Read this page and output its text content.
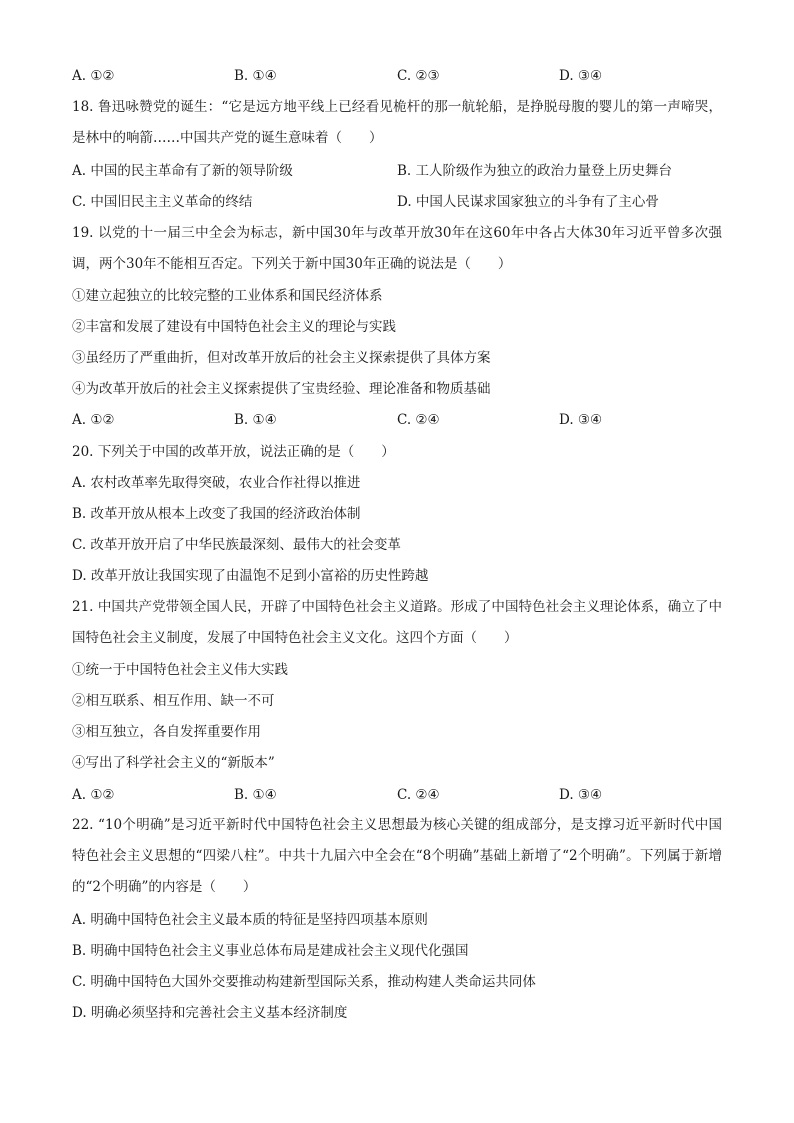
A. ①②	B. ①④	C. ②③	D. ③④
18. 鲁迅咏赞党的诞生：“它是远方地平线上已经看见桅杆的那一航轮船，是挣脱母腹的婴儿的第一声啼哭，是林中的响箭……中国共产党的诞生意味着（　　）
A. 中国的民主革命有了新的领导阶级	B. 工人阶级作为独立的政治力量登上历史舞台
C. 中国旧民主主义革命的终结	D. 中国人民谋求国家独立的斗争有了主心骨
19. 以党的十一届三中全会为标志，新中国30年与改革开放30年在这60年中各占大体30年习近平曾多次强调，两个30年不能相互否定。下列关于新中国30年正确的说法是（　　）
①建立起独立的比较完整的工业体系和国民经济体系
②丰富和发展了建设有中国特色社会主义的理论与实践
③虽经历了严重曲折，但对改革开放后的社会主义探索提供了具体方案
④为改革开放后的社会主义探索提供了宝贵经验、理论准备和物质基础
A. ①②	B. ①④	C. ②④	D. ③④
20. 下列关于中国的改革开放，说法正确的是（　　）
A. 农村改革率先取得突破，农业合作社得以推进
B. 改革开放从根本上改变了我国的经济政治体制
C. 改革开放开启了中华民族最深刻、最伟大的社会变革
D. 改革开放让我国实现了由温饱不足到小富裕的历史性跨越
21. 中国共产党带领全国人民，开辟了中国特色社会主义道路。形成了中国特色社会主义理论体系，确立了中国特色社会主义制度，发展了中国特色社会主义文化。这四个方面（　　）
①统一于中国特色社会主义伟大实践
②相互联系、相互作用、缺一不可
③相互独立，各自发挥重要作用
④写出了科学社会主义的“新版本”
A. ①②	B. ①④	C. ②④	D. ③④
22. “10个明确”是习近平新时代中国特色社会主义思想最为核心关键的组成部分，是支撑习近平新时代中国特色社会主义思想的“四梁八柱”。中共十九届六中全会在“8个明确”基础上新增了“2个明确”。下列属于新增的“2个明确”的内容是（　　）
A. 明确中国特色社会主义最本质的特征是坚持四项基本原则
B. 明确中国特色社会主义事业总体布局是建成社会主义现代化强国
C. 明确中国特色大国外交要推动构建新型国际关系，推动构建人类命运共同体
D. 明确必须坚持和完善社会主义基本经济制度
